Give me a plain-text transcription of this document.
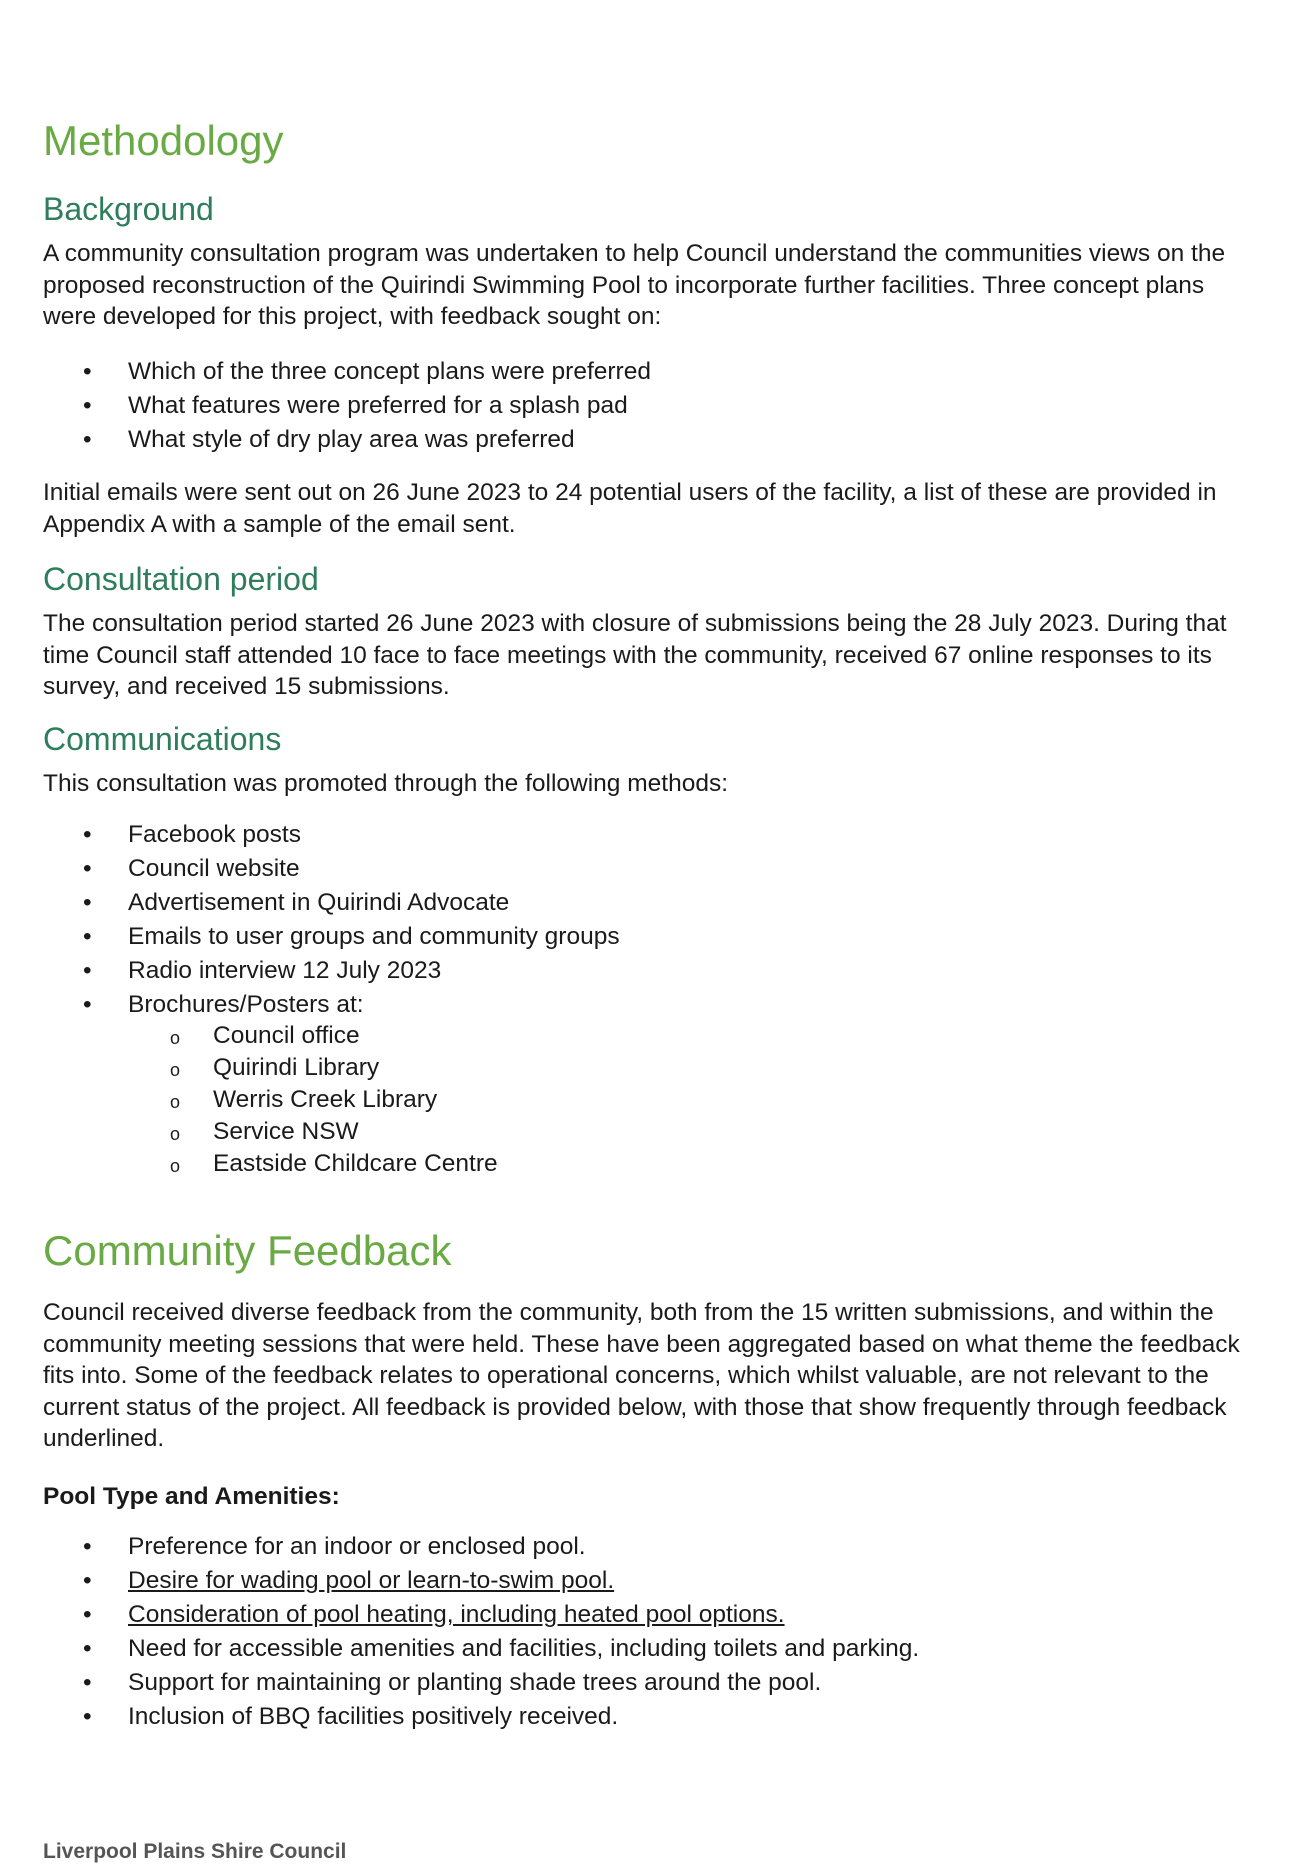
Methodology
Background

A community consultation program was undertaken to help Council understand the communities views on the proposed reconstruction of the Quirindi Swimming Pool to incorporate further facilities. Three concept plans were developed for this project, with feedback sought on:

• Which of the three concept plans were preferred
• What features were preferred for a splash pad
• What style of dry play area was preferred

Initial emails were sent out on 26 June 2023 to 24 potential users of the facility, a list of these are provided in Appendix A with a sample of the email sent.

Consultation period

The consultation period started 26 June 2023 with closure of submissions being the 28 July 2023. During that time Council staff attended 10 face to face meetings with the community, received 67 online responses to its survey, and received 15 submissions.

Communications

This consultation was promoted through the following methods:

• Facebook posts
• Council website
• Advertisement in Quirindi Advocate
• Emails to user groups and community groups
• Radio interview 12 July 2023
• Brochures/Posters at:
o Council office
o Quirindi Library
o Werris Creek Library
o Service NSW
o Eastside Childcare Centre
Community Feedback

Council received diverse feedback from the community, both from the 15 written submissions, and within the community meeting sessions that were held. These have been aggregated based on what theme the feedback fits into. Some of the feedback relates to operational concerns, which whilst valuable, are not relevant to the current status of the project. All feedback is provided below, with those that show frequently through feedback underlined.

Pool Type and Amenities:

• Preference for an indoor or enclosed pool.
• Desire for wading pool or learn-to-swim pool.
• Consideration of pool heating, including heated pool options.
• Need for accessible amenities and facilities, including toilets and parking.
• Support for maintaining or planting shade trees around the pool.
• Inclusion of BBQ facilities positively received.
Liverpool Plains Shire Council
